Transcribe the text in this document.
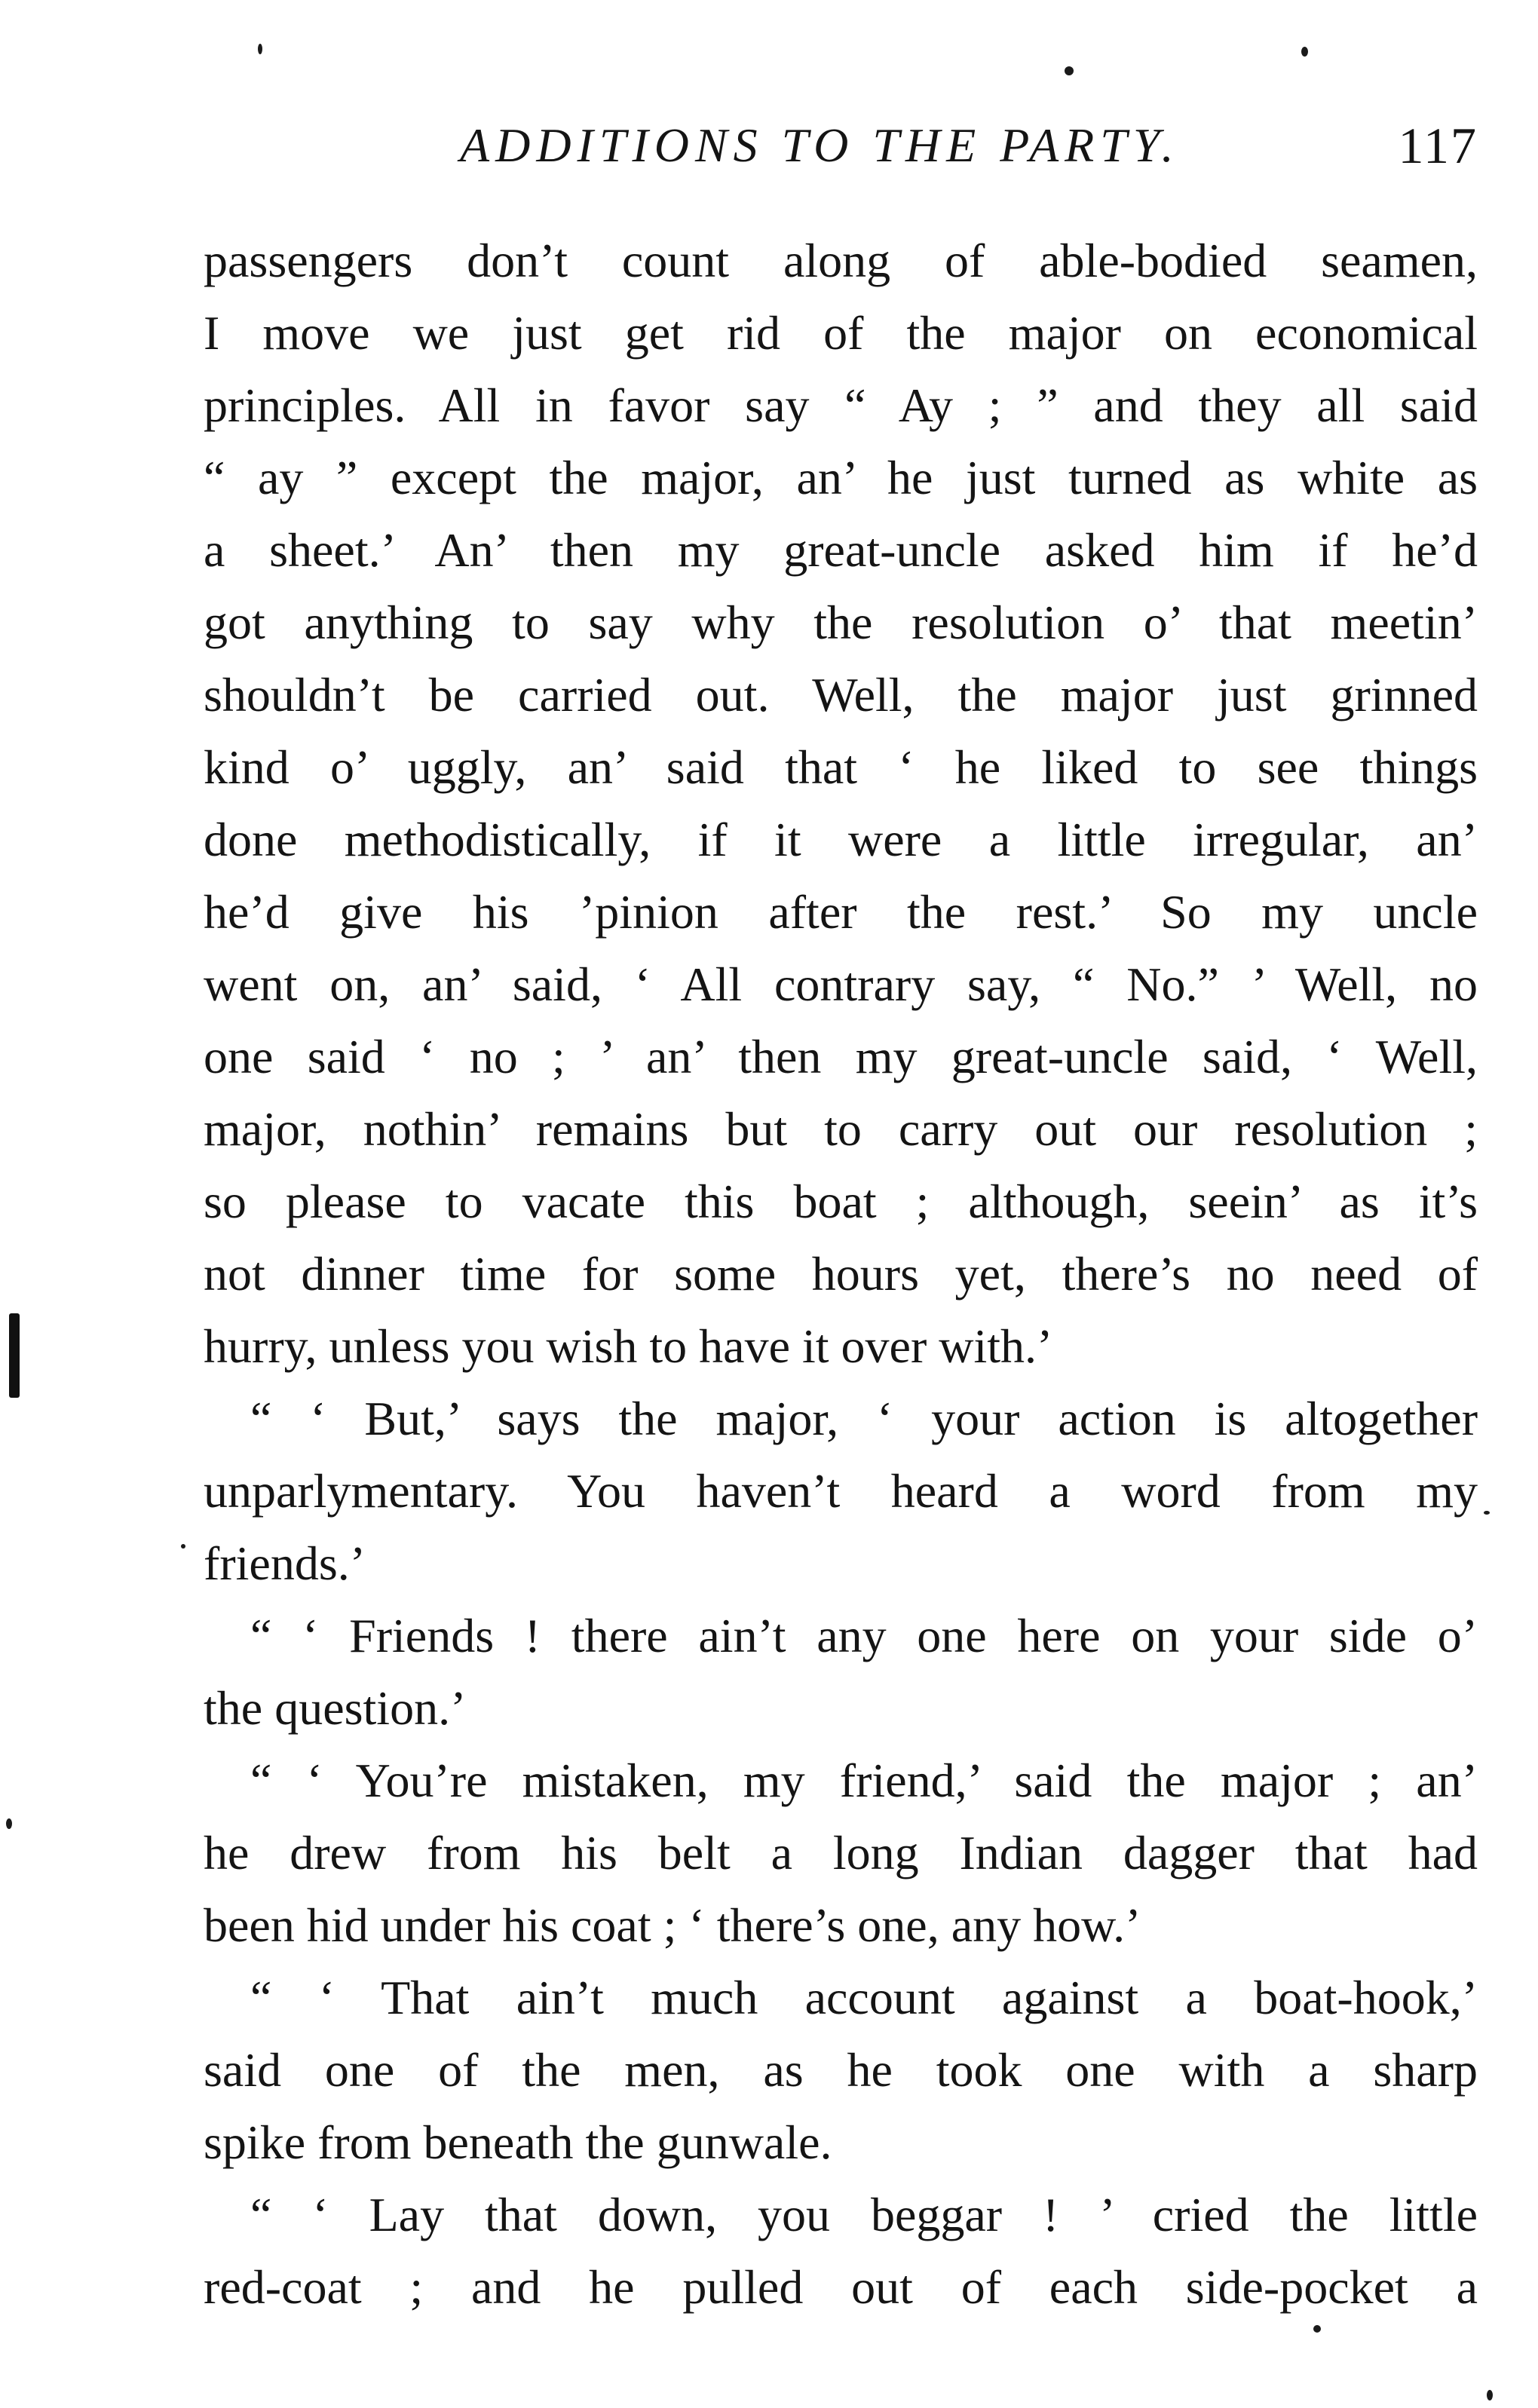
ADDITIONS TO THE PARTY.	117
passengers don’t count along of able-bodied seamen,
I move we just get rid of the major on economical
principles. All in favor say “ Ay ; ” and they all said
“ ay ” except the major, an’ he just turned as white as
a sheet.’ An’ then my great-uncle asked him if he’d
got anything to say why the resolution o’ that meetin’
shouldn’t be carried out. Well, the major just grinned
kind o’ uggly, an’ said that ‘ he liked to see things
done methodistically, if it were a little irregular, an’
he’d give his ’pinion after the rest.’ So my uncle
went on, an’ said, ‘ All contrary say, “ No.” ’ Well, no
one said ‘ no ; ’ an’ then my great-uncle said, ‘ Well,
major, nothin’ remains but to carry out our resolution ;
so please to vacate this boat ; although, seein’ as it’s
not dinner time for some hours yet, there’s no need of
hurry, unless you wish to have it over with.’
“ ‘ But,’ says the major, ‘ your action is altogether
unparlymentary. You haven’t heard a word from my
friends.’
“ ‘ Friends ! there ain’t any one here on your side o’
the question.’
“ ‘ You’re mistaken, my friend,’ said the major ; an’
he drew from his belt a long Indian dagger that had
been hid under his coat ; ‘ there’s one, any how.’
“ ‘ That ain’t much account against a boat-hook,’
said one of the men, as he took one with a sharp
spike from beneath the gunwale.
“ ‘ Lay that down, you beggar ! ’ cried the little
red-coat ; and he pulled out of each side-pocket a
